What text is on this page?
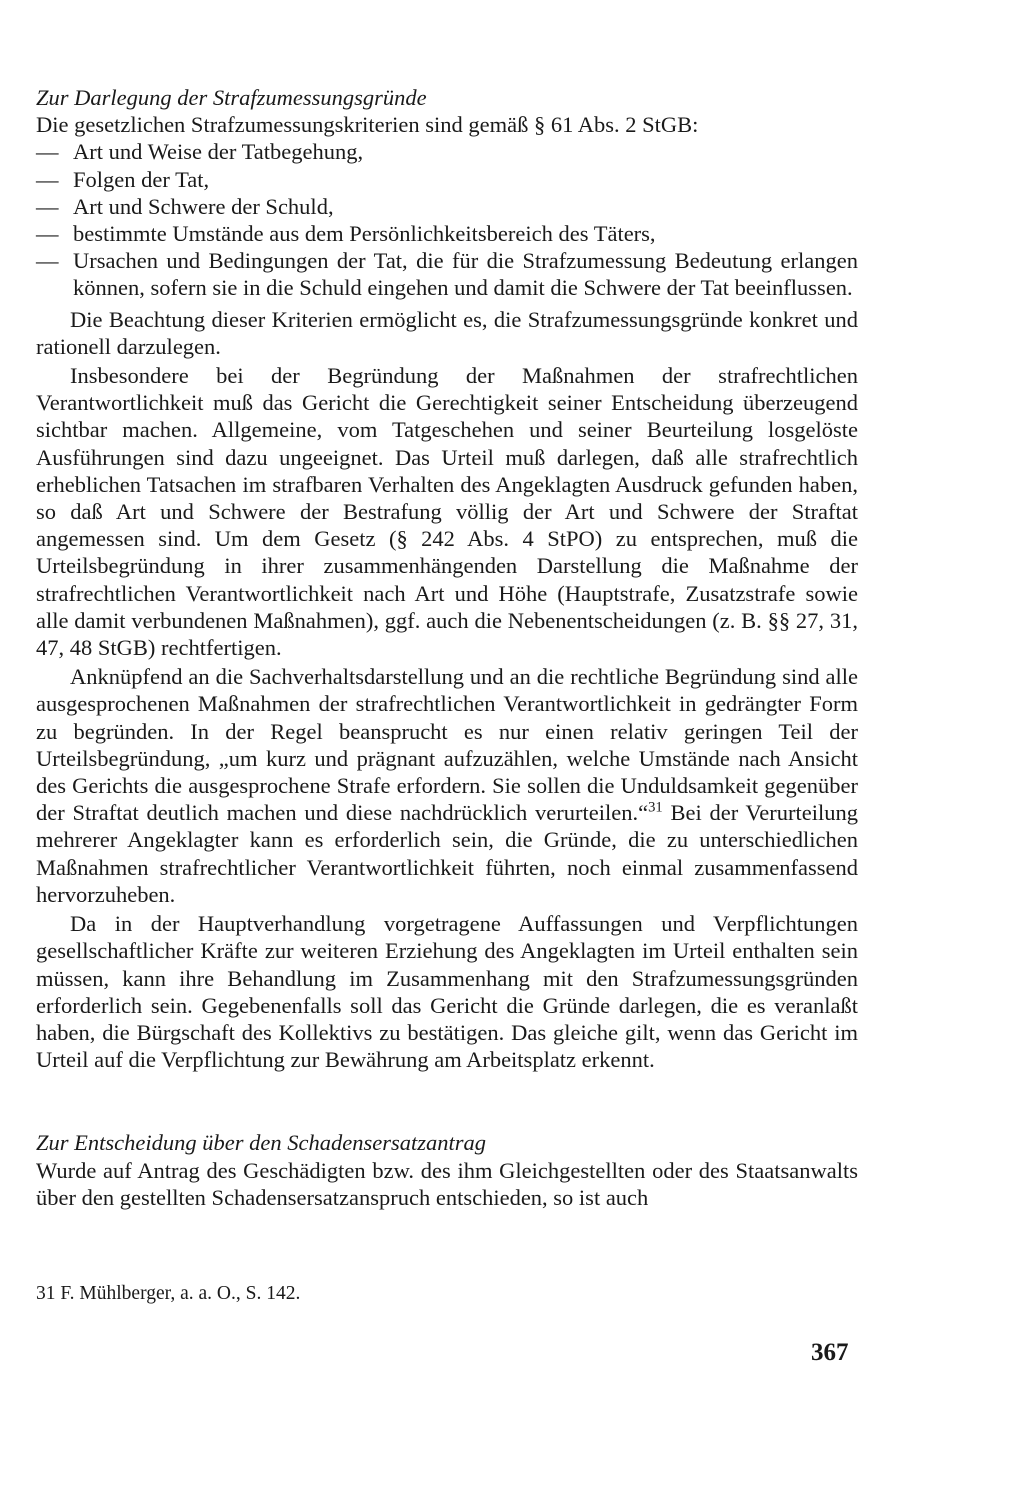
Zur Darlegung der Strafzumessungsgründe

Die gesetzlichen Strafzumessungskriterien sind gemäß § 61 Abs. 2 StGB:

— Art und Weise der Tatbegehung,
— Folgen der Tat,
— Art und Schwere der Schuld,
— bestimmte Umstände aus dem Persönlichkeitsbereich des Täters,
— Ursachen und Bedingungen der Tat, die für die Strafzumessung Bedeutung erlangen können, sofern sie in die Schuld eingehen und damit die Schwere der Tat beeinflussen.

Die Beachtung dieser Kriterien ermöglicht es, die Strafzumessungsgründe konkret und rationell darzulegen.

Insbesondere bei der Begründung der Maßnahmen der strafrechtlichen Verantwortlichkeit muß das Gericht die Gerechtigkeit seiner Entscheidung überzeugend sichtbar machen. Allgemeine, vom Tatgeschehen und seiner Beurteilung losgelöste Ausführungen sind dazu ungeeignet. Das Urteil muß darlegen, daß alle strafrechtlich erheblichen Tatsachen im strafbaren Verhalten des Angeklagten Ausdruck gefunden haben, so daß Art und Schwere der Bestrafung völlig der Art und Schwere der Straftat angemessen sind. Um dem Gesetz (§ 242 Abs. 4 StPO) zu entsprechen, muß die Urteilsbegründung in ihrer zusammenhängenden Darstellung die Maßnahme der strafrechtlichen Verantwortlichkeit nach Art und Höhe (Hauptstrafe, Zusatzstrafe sowie alle damit verbundenen Maßnahmen), ggf. auch die Nebenentscheidungen (z. B. §§ 27, 31, 47, 48 StGB) rechtfertigen.

Anknüpfend an die Sachverhaltsdarstellung und an die rechtliche Begründung sind alle ausgesprochenen Maßnahmen der strafrechtlichen Verantwortlichkeit in gedrängter Form zu begründen. In der Regel beansprucht es nur einen relativ geringen Teil der Urteilsbegründung, „um kurz und prägnant aufzuzählen, welche Umstände nach Ansicht des Gerichts die ausgesprochene Strafe erfordern. Sie sollen die Unduldsamkeit gegenüber der Straftat deutlich machen und diese nachdrücklich verurteilen.“$^{31}$ Bei der Verurteilung mehrerer Angeklagter kann es erforderlich sein, die Gründe, die zu unterschiedlichen Maßnahmen strafrechtlicher Verantwortlichkeit führten, noch einmal zusammenfassend hervorzuheben.

Da in der Hauptverhandlung vorgetragene Auffassungen und Verpflichtungen gesellschaftlicher Kräfte zur weiteren Erziehung des Angeklagten im Urteil enthalten sein müssen, kann ihre Behandlung im Zusammenhang mit den Strafzumessungsgründen erforderlich sein. Gegebenenfalls soll das Gericht die Gründe darlegen, die es veranlaßt haben, die Bürgschaft des Kollektivs zu bestätigen. Das gleiche gilt, wenn das Gericht im Urteil auf die Verpflichtung zur Bewährung am Arbeitsplatz erkennt.

Zur Entscheidung über den Schadensersatzantrag

Wurde auf Antrag des Geschädigten bzw. des ihm Gleichgestellten oder des Staatsanwalts über den gestellten Schadensersatzanspruch entschieden, so ist auch

31 F. Mühlberger, a. a. O., S. 142.

367
